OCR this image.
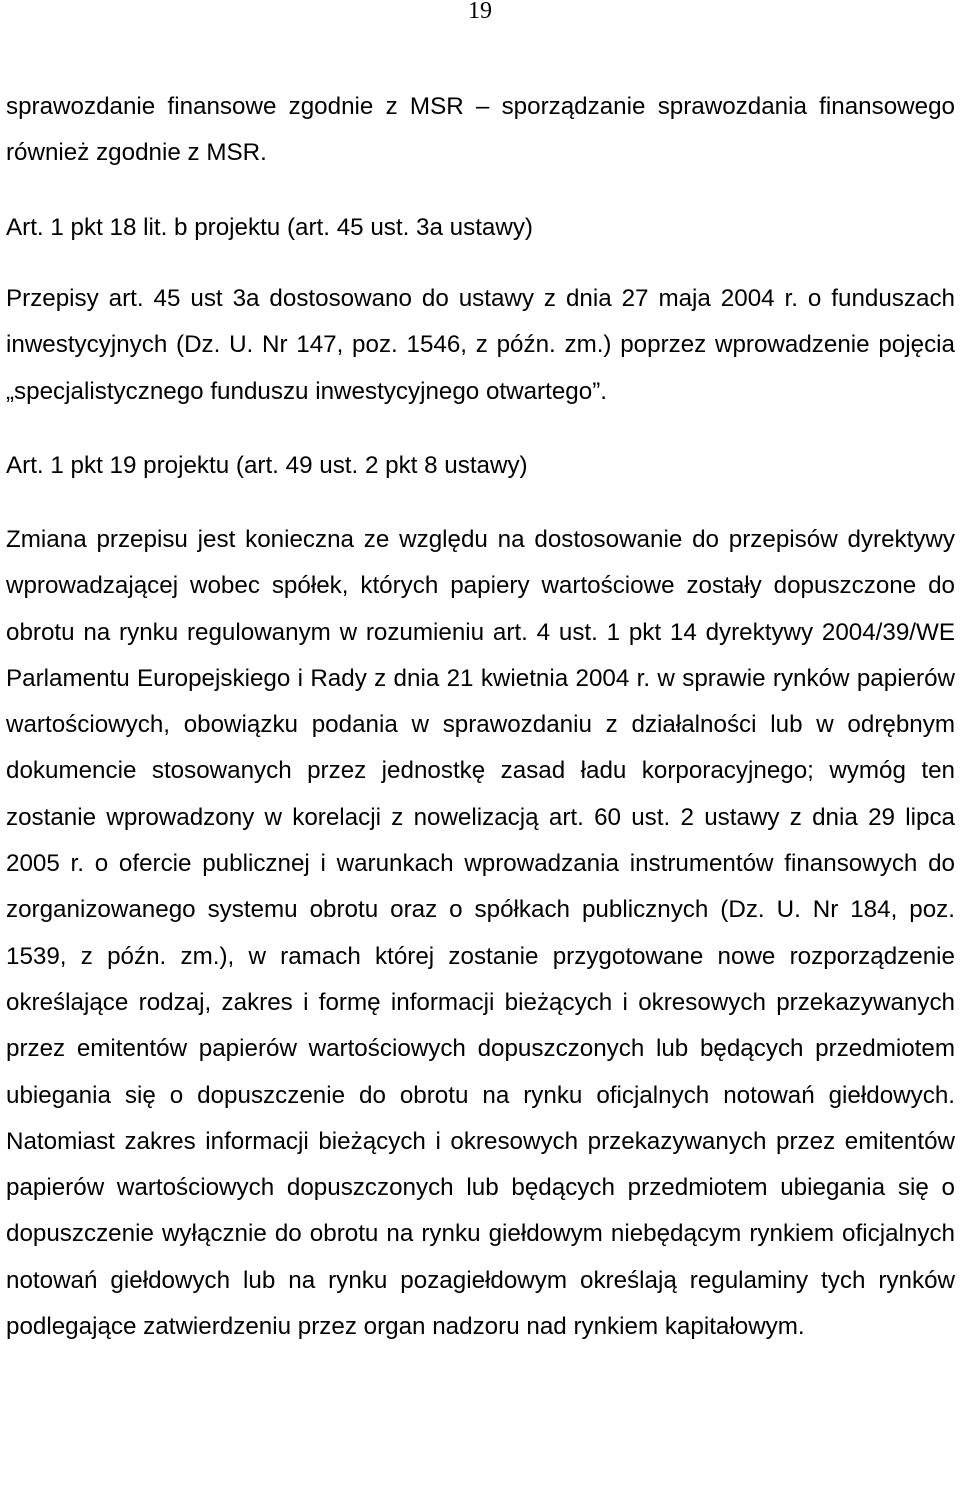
19

sprawozdanie finansowe zgodnie z MSR – sporządzanie sprawozdania finansowego również zgodnie z MSR.

Art. 1 pkt 18 lit. b projektu (art. 45 ust. 3a ustawy)

Przepisy art. 45 ust 3a dostosowano do ustawy z dnia 27 maja 2004 r. o funduszach inwestycyjnych (Dz. U. Nr 147, poz. 1546, z późn. zm.) poprzez wprowadzenie pojęcia „specjalistycznego funduszu inwestycyjnego otwartego”.

Art. 1 pkt 19 projektu (art. 49 ust. 2 pkt 8 ustawy)

Zmiana przepisu jest konieczna ze względu na dostosowanie do przepisów dyrektywy wprowadzającej wobec spółek, których papiery wartościowe zostały dopuszczone do obrotu na rynku regulowanym w rozumieniu art. 4 ust. 1 pkt 14 dyrektywy 2004/39/WE Parlamentu Europejskiego i Rady z dnia 21 kwietnia 2004 r. w sprawie rynków papierów wartościowych, obowiązku podania w sprawozdaniu z działalności lub w odrębnym dokumencie stosowanych przez jednostkę zasad ładu korporacyjnego; wymóg ten zostanie wprowadzony w korelacji z nowelizacją art. 60 ust. 2 ustawy z dnia 29 lipca 2005 r. o ofercie publicznej i warunkach wprowadzania instrumentów finansowych do zorganizowanego systemu obrotu oraz o spółkach publicznych (Dz. U. Nr 184, poz. 1539, z późn. zm.), w ramach której zostanie przygotowane nowe rozporządzenie określające rodzaj, zakres i formę informacji bieżących i okresowych przekazywanych przez emitentów papierów wartościowych dopuszczonych lub będących przedmiotem ubiegania się o dopuszczenie do obrotu na rynku oficjalnych notowań giełdowych. Natomiast zakres informacji bieżących i okresowych przekazywanych przez emitentów papierów wartościowych dopuszczonych lub będących przedmiotem ubiegania się o dopuszczenie wyłącznie do obrotu na rynku giełdowym niebędącym rynkiem oficjalnych notowań giełdowych lub na rynku pozagiełdowym określają regulaminy tych rynków podlegające zatwierdzeniu przez organ nadzoru nad rynkiem kapitałowym.
